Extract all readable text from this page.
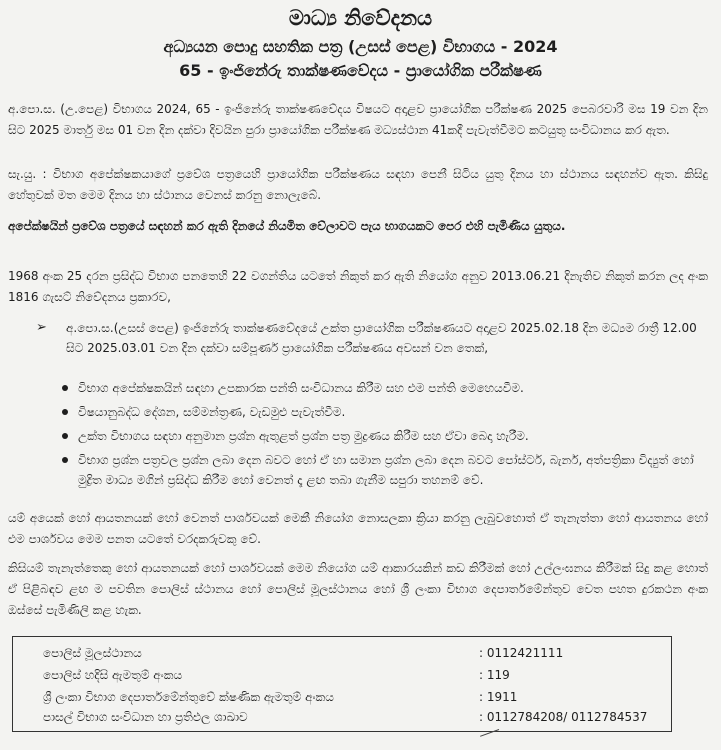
මාධ්‍ය නිවේදනය
අධ්‍යයන පොදු සහතික පත්‍ර (උසස් පෙළ) විභාගය - 2024
65 - ඉංජිනේරු තාක්ෂණවේදය - ප්‍රායෝගික පරීක්ෂණ
අ.පො.ස. (උ.පෙළ) විභාගය 2024, 65 - ඉංජිනේරු තාක්ෂණවේදය විෂයට අදාළව ප්‍රායෝගික පරීක්ෂණ 2025 පෙබරවාරි මස 19 වන දින සිට 2025 මාර්තු මස 01 වන දින දක්වා දිවයින පුරා ප්‍රායෝගික පරීක්ෂණ මධ්‍යස්ථාන 41කදී පැවැත්වීමට කටයුතු සංවිධානය කර ඇත.
සැ.යු. : විභාග අපේක්ෂකයාගේ ප්‍රවේශ පත්‍රයෙහි ප්‍රායෝගික පරීක්ෂණය සඳහා පෙනී සිටිය යුතු දිනය හා ස්ථානය සඳහන්ව ඇත. කිසිදු හේතුවක් මත මෙම දිනය හා ස්ථානය වෙනස් කරනු නොලැබේ.
අපේක්ෂයින් ප්‍රවේශ පත්‍රයේ සඳහන් කර ඇති දිනයේ නියමිත වේලාවට පැය භාගයකට පෙර එහි පැමිණිය යුතුය.
1968 අංක 25 දරන ප්‍රසිද්ධ විභාග පනතෙහි 22 වගන්තිය යටතේ නිකුත් කර ඇති නියෝග අනුව 2013.06.21 දිනැතිව නිකුත් කරන ලද අංක 1816 ගැසට් නිවේදනය ප්‍රකාරව,
➢ අ.පො.ස.(උසස් පෙළ) ඉංජිනේරු තාක්ෂණවේදයේ උක්ත ප්‍රායෝගික පරීක්ෂණයට අදාළව 2025.02.18 දින මධ්‍යම රාත්‍රී 12.00 සිට 2025.03.01 වන දින දක්වා සම්පූර්ණ ප්‍රායෝගික පරීක්ෂණය අවසන් වන තෙක්,
විභාග අපේක්ෂකයින් සඳහා උපකාරක පන්ති සංවිධානය කිරීම සහ එම පන්ති මෙහෙයවීම.
විෂයානුබද්ධ දේශන, සම්මන්ත්‍රණ, වැඩමුළු පැවැත්වීම.
උක්ත විභාගය සඳහා අනුමාන ප්‍රශ්න ඇතුළත් ප්‍රශ්න පත්‍ර මුද්‍රණය කිරීම සහ ඒවා බෙදා හැරීම.
විභාග ප්‍රශ්න පත්‍රවල ප්‍රශ්න ලබා දෙන බවට හෝ ඒ හා සමාන ප්‍රශ්න ලබා දෙන බවට පෝස්ටර්, බැනර්, අත්පත්‍රිකා විද්‍යුත් හෝ මුද්‍රිත මාධ්‍ය මගින් ප්‍රසිද්ධ කිරීම හෝ වෙනත් දෑ ළඟ තබා ගැනීම සපුරා තහනම් වේ.
යම් අයෙක් හෝ ආයතනයක් හෝ වෙනත් පාර්ශවයක් මෙකී නියෝග නොසලකා ක්‍රියා කරනු ලැබුවහොත් ඒ තැනැත්තා හෝ ආයතනය හෝ එම පාර්ශවය මෙම පනත යටතේ වරදකරුවකු වේ.
කිසියම් තැනැත්තෙකු හෝ ආයතනයක් හෝ පාර්ශවයක් මෙම නියෝග යම් ආකාරයකින් කඩ කිරීමක් හෝ උල්ලංඝනය කිරීමක් සිදු කළ හොත් ඒ පිළිබඳව ළඟ ම පවතින පොලිස් ස්ථානය හෝ පොලිස් මූලස්ථානය හෝ ශ්‍රී ලංකා විභාග දෙපාර්තමේන්තුව වෙත පහත දුරකථන අංක ඔස්සේ පැමිණිලි කළ හැක.
පොලිස් මූලස්ථානය	: 0112421111
පොලිස් හදිසි ඇමතුම් අංකය	: 119
ශ්‍රී ලංකා විභාග දෙපාර්තමේන්තුවේ ක්ෂණික ඇමතුම් අංකය	: 1911
පාසල් විභාග සංවිධාන හා ප්‍රතිඵල ශාඛාව	: 0112784208/ 0112784537
